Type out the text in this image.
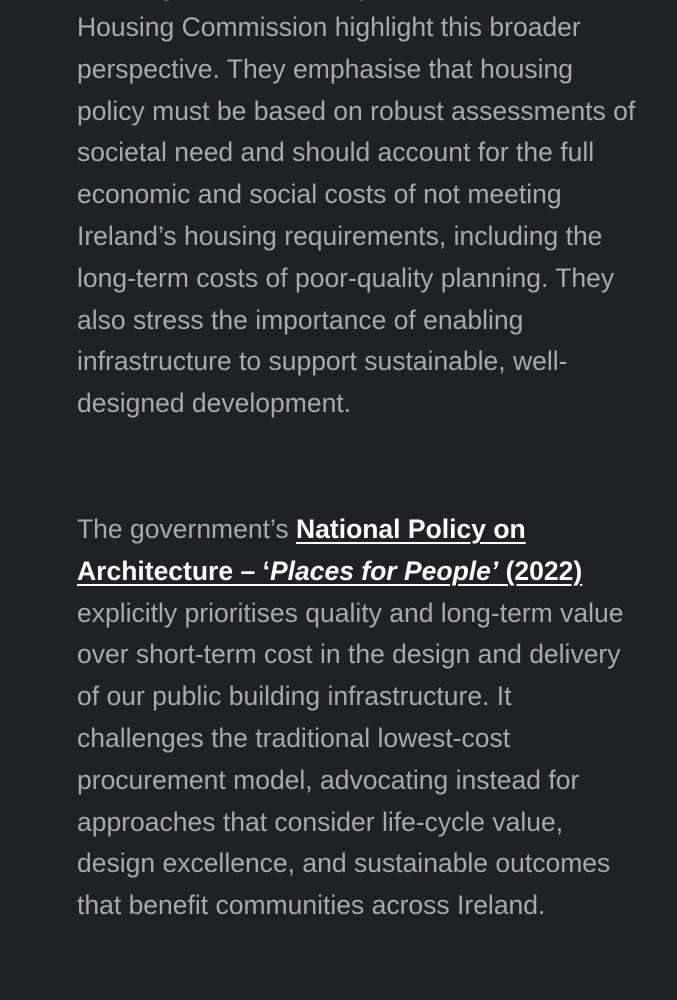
Housing Commission highlight this broader perspective. They emphasise that housing policy must be based on robust assessments of societal need and should account for the full economic and social costs of not meeting Ireland’s housing requirements, including the long-term costs of poor-quality planning. They also stress the importance of enabling infrastructure to support sustainable, well-designed development.

The government’s National Policy on Architecture – ‘Places for People’ (2022) explicitly prioritises quality and long-term value over short-term cost in the design and delivery of our public building infrastructure. It challenges the traditional lowest-cost procurement model, advocating instead for approaches that consider life-cycle value, design excellence, and sustainable outcomes that benefit communities across Ireland.
